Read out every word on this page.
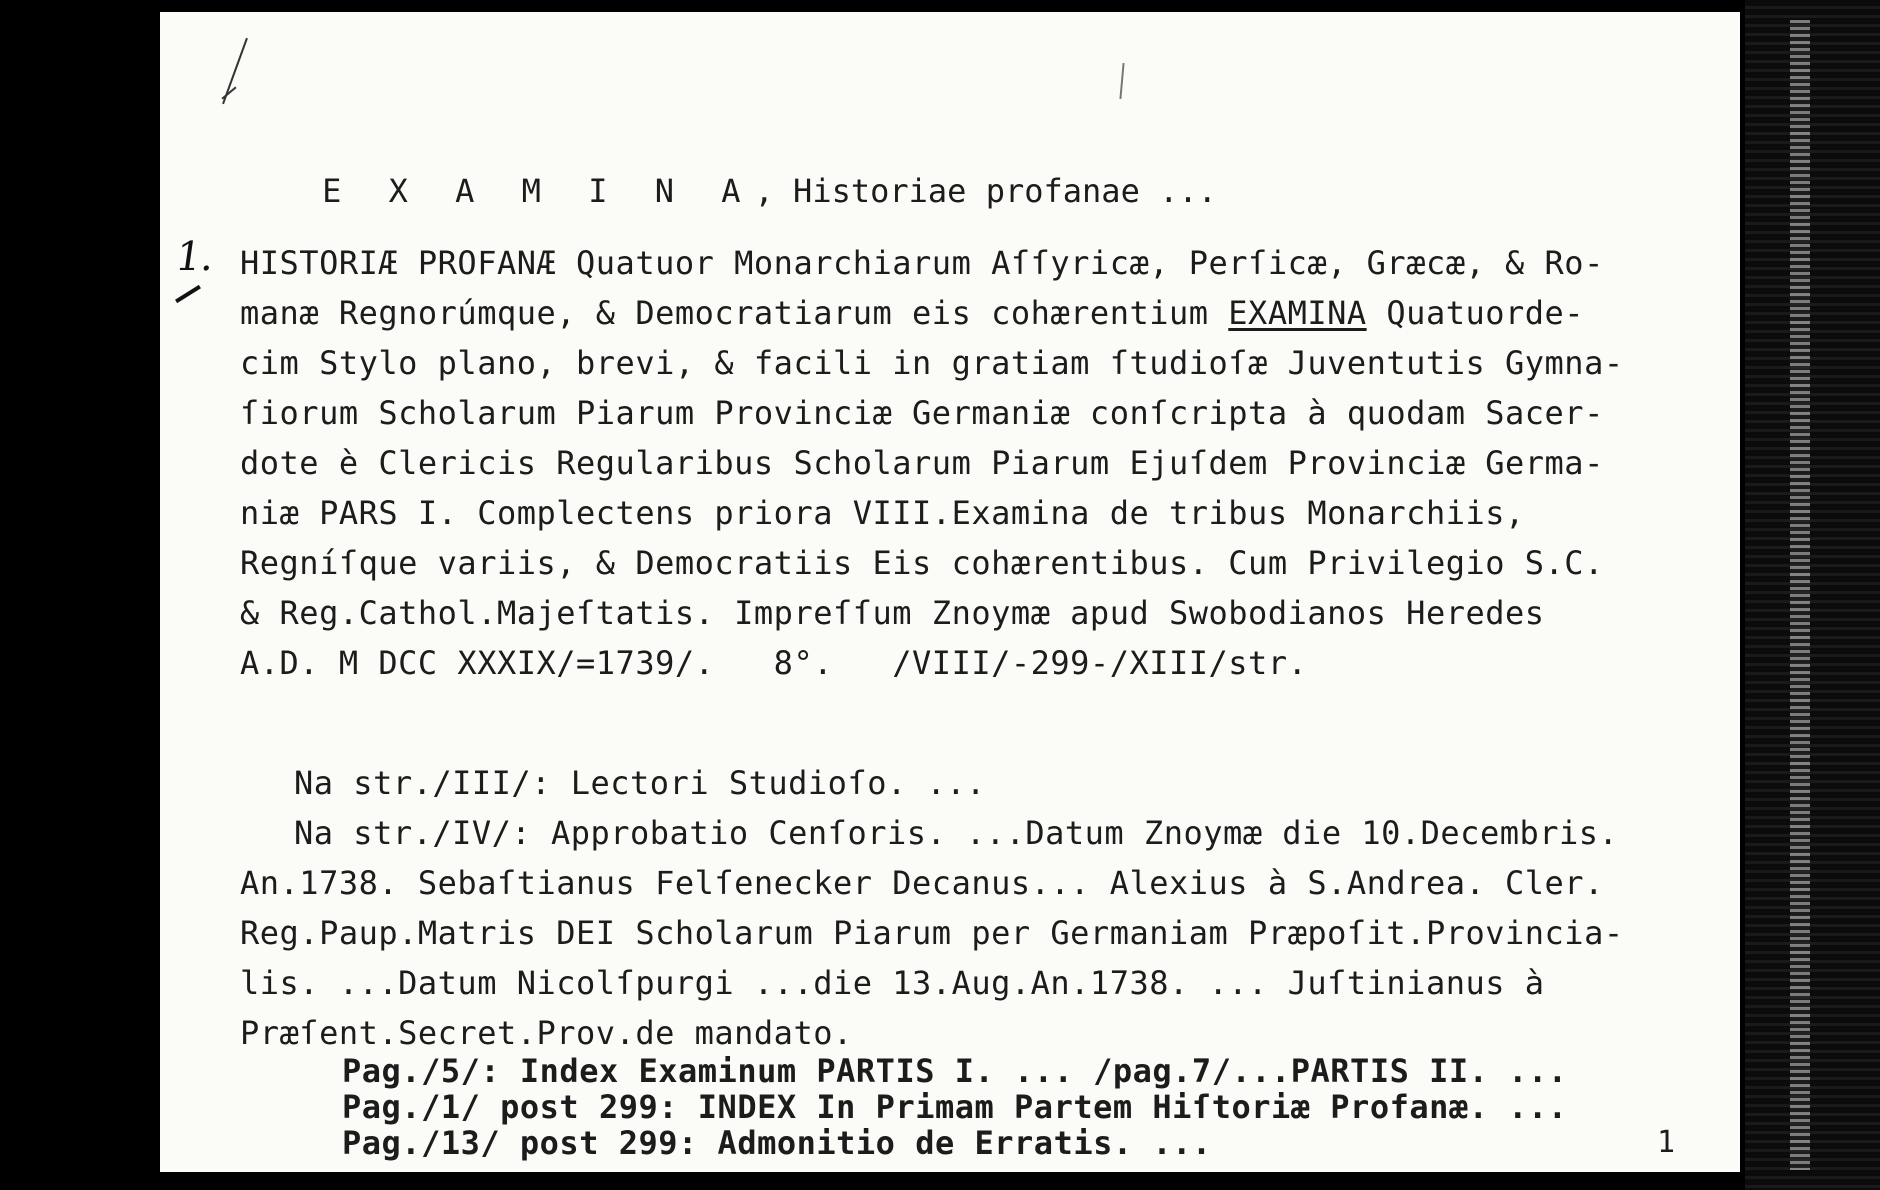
E X A M I N A, Historiae profanae ...

1. HISTORIÆ PROFANÆ Quatuor Monarchiarum Aſſyricæ, Perſicæ, Græcæ, & Ro-
manæ Regnorúmque, & Democratiarum eis cohærentium EXAMINA Quatuorde-
cim Stylo plano, brevi, & facili in gratiam ſtudioſæ Juventutis Gymna-
ſiorum Scholarum Piarum Provinciæ Germaniæ conſcripta à quodam Sacer-
dote è Clericis Regularibus Scholarum Piarum Ejuſdem Provinciæ Germa-
niæ PARS I. Complectens priora VIII.Examina de tribus Monarchiis,
Regníſque variis, & Democratiis Eis cohærentibus. Cum Privilegio S.C.
& Reg.Cathol.Majeſtatis. Impreſſum Znoymæ apud Swobodianos Heredes
A.D. M DCC XXXIX/=1739/.   8°.   /VIII/-299-/XIII/str.
Na str./III/: Lectori Studioſo. ...
Na str./IV/: Approbatio Cenſoris. ...Datum Znoymæ die 10.Decembris.
An.1738. Sebaſtianus Felſenecker Decanus... Alexius à S.Andrea. Cler.
Reg.Paup.Matris DEI Scholarum Piarum per Germaniam Præpoſit.Provincia-
lis. ...Datum Nicolſpurgi ...die 13.Aug.An.1738. ... Juſtinianus à
Præſent.Secret.Prov.de mandato.
Pag./5/: Index Examinum PARTIS I. ... /pag.7/...PARTIS II. ...
Pag./1/ post 299: INDEX In Primam Partem Hiſtoriæ Profanæ. ...
Pag./13/ post 299: Admonitio de Erratis. ...	1
